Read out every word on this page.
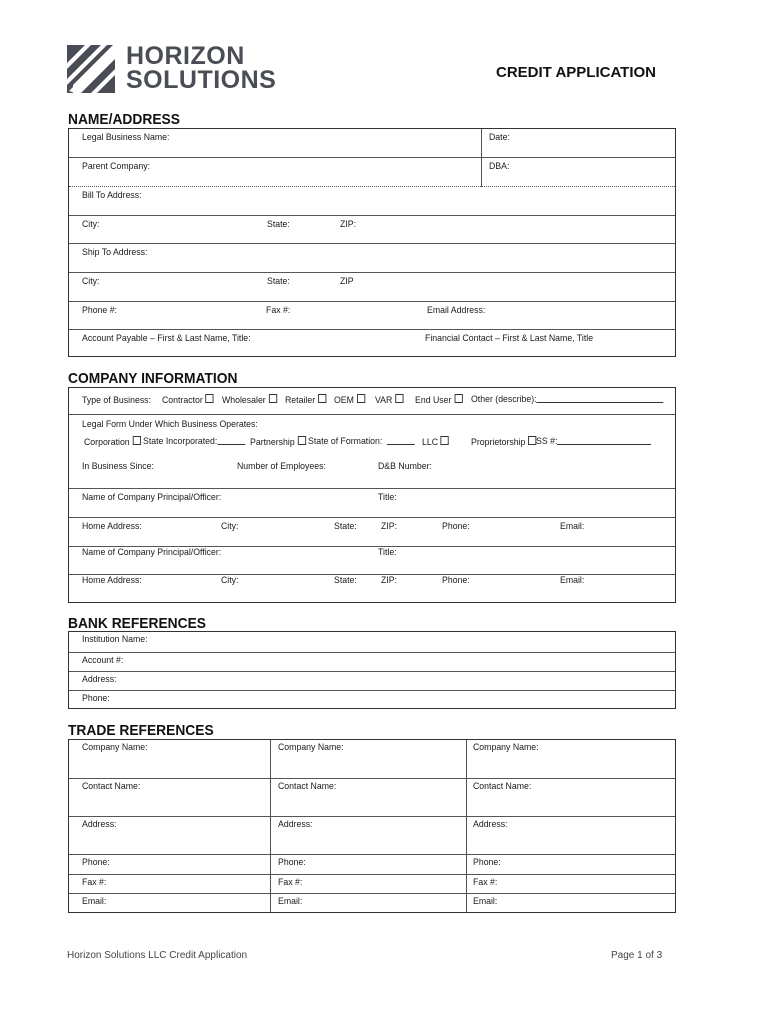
HORIZON
SOLUTIONS	CREDIT APPLICATION
NAME/ADDRESS
Legal Business Name:	Date:
Parent Company:	DBA:
Bill To Address:
City:	State:	ZIP:
Ship To Address:
City:	State:	ZIP
Phone #:	Fax #:	Email Address:
Account Payable – First & Last Name, Title:	Financial Contact – First & Last Name, Title
COMPANY INFORMATION
Type of Business: Contractor	Wholesaler	Retailer	OEM	VAR	End User	Other (describe):
Legal Form Under Which Business Operates:
Corporation	State Incorporated:	Partnership	State of Formation:	LLC	Proprietorship	SS #:
In Business Since:	Number of Employees:	D&B Number:
Name of Company Principal/Officer:	Title:
Home Address:	City:	State:	ZIP:	Phone:	Email:
Name of Company Principal/Officer:	Title:
Home Address:	City:	State:	ZIP:	Phone:	Email:
BANK REFERENCES
Institution Name:
Account #:
Address:
Phone:
TRADE REFERENCES
Company Name:	Company Name:	Company Name:
Contact Name:	Contact Name:	Contact Name:
Address:	Address:	Address:
Phone:	Phone:	Phone:
Fax #:	Fax #:	Fax #:
Email:	Email:	Email:
Horizon Solutions LLC Credit Application	Page 1 of 3
